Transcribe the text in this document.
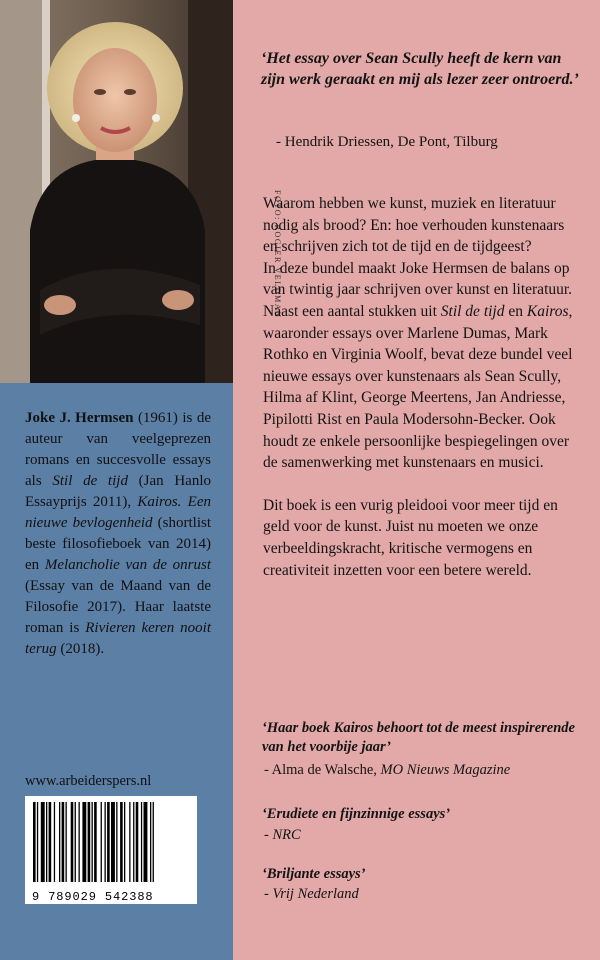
FOTO: ROGIER VELDMAN

‘Het essay over Sean Scully heeft de kern van zijn werk geraakt en mij als lezer zeer ontroerd.’

- Hendrik Driessen, De Pont, Tilburg

Waarom hebben we kunst, muziek en literatuur nodig als brood? En: hoe verhouden kunstenaars en schrijven zich tot de tijd en de tijdgeest?

In deze bundel maakt Joke Hermsen de balans op van twintig jaar schrijven over kunst en literatuur. Naast een aantal stukken uit Stil de tijd en Kairos, waaronder essays over Marlene Dumas, Mark Rothko en Virginia Woolf, bevat deze bundel veel nieuwe essays over kunstenaars als Sean Scully, Hilma af Klint, George Meertens, Jan Andriesse, Pipilotti Rist en Paula Modersohn-Becker. Ook houdt ze enkele persoonlijke bespiegelingen over de samenwerking met kunstenaars en musici.

Dit boek is een vurig pleidooi voor meer tijd en geld voor de kunst. Juist nu moeten we onze verbeeldingskracht, kritische vermogens en creativiteit inzetten voor een betere wereld.

‘Haar boek Kairos behoort tot de meest inspirerende van het voorbije jaar’

- Alma de Walsche, MO Nieuws Magazine

‘Erudiete en fijnzinnige essays’

- NRC

‘Briljante essays’

- Vrij Nederland

Joke J. Hermsen (1961) is de auteur van veelgeprezen romans en succesvolle essays als Stil de tijd (Jan Hanlo Essayprijs 2011), Kairos. Een nieuwe bevlogenheid (shortlist beste filosofieboek van 2014) en Melancholie van de onrust (Essay van de Maand van de Filosofie 2017). Haar laatste roman is Rivieren keren nooit terug (2018).

www.arbeiderspers.nl
9 789029 542388
